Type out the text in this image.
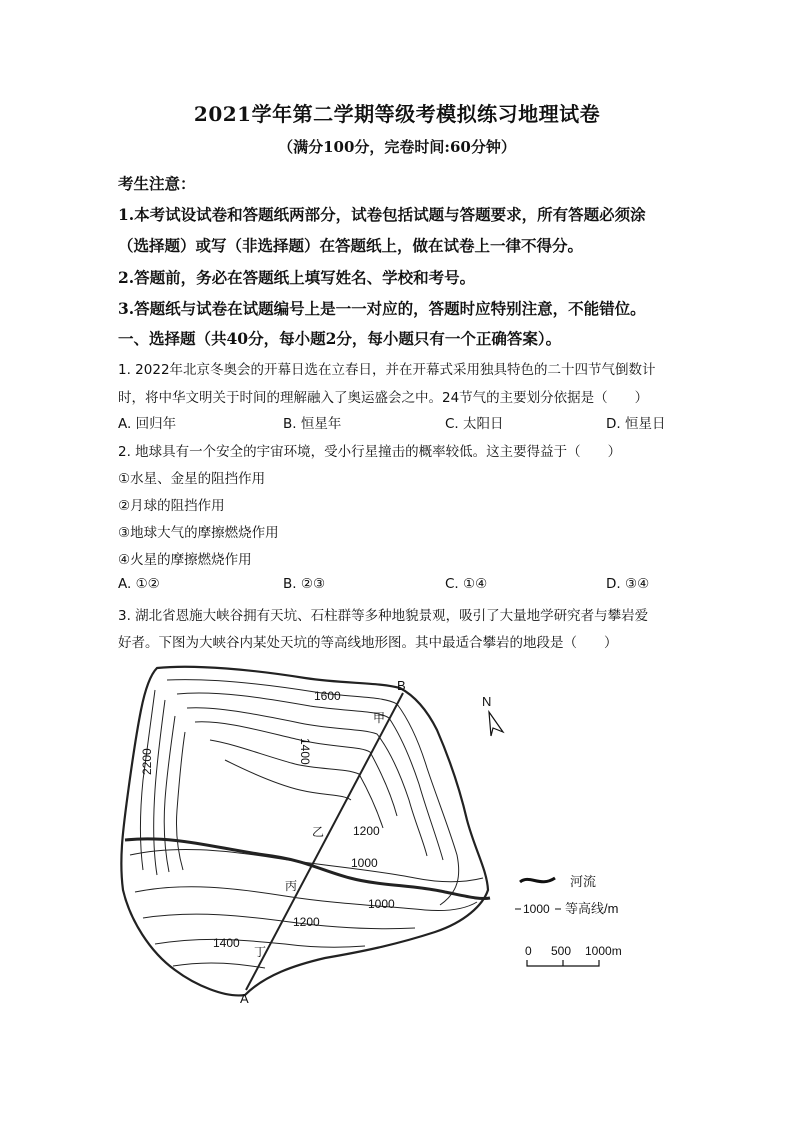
2021学年第二学期等级考模拟练习地理试卷
（满分100分，完卷时间:60分钟）
考生注意：
1.本考试设试卷和答题纸两部分，试卷包括试题与答题要求，所有答题必须涂
（选择题）或写（非选择题）在答题纸上，做在试卷上一律不得分。
2.答题前，务必在答题纸上填写姓名、学校和考号。
3.答题纸与试卷在试题编号上是一一对应的，答题时应特别注意，不能错位。
一、选择题（共40分，每小题2分，每小题只有一个正确答案）。
1. 2022年北京冬奥会的开幕日选在立春日，并在开幕式采用独具特色的二十四节气倒数计
时，将中华文明关于时间的理解融入了奥运盛会之中。24节气的主要划分依据是（　　）
A. 回归年	B. 恒星年	C. 太阳日	D. 恒星日
2. 地球具有一个安全的宇宙环境，受小行星撞击的概率较低。这主要得益于（　　）
①水星、金星的阻挡作用
②月球的阻挡作用
③地球大气的摩擦燃烧作用
④火星的摩擦燃烧作用
A. ①②	B. ②③	C. ①④	D. ③④
3. 湖北省恩施大峡谷拥有天坑、石柱群等多种地貌景观，吸引了大量地学研究者与攀岩爱
好者。下图为大峡谷内某处天坑的等高线地形图。其中最适合攀岩的地段是（　　）
1600
1400
2200
1200
1000
1000
1200
1400
A
B
甲
乙
丙
丁
N
河流
1000 等高线/m
0 500 1000m
